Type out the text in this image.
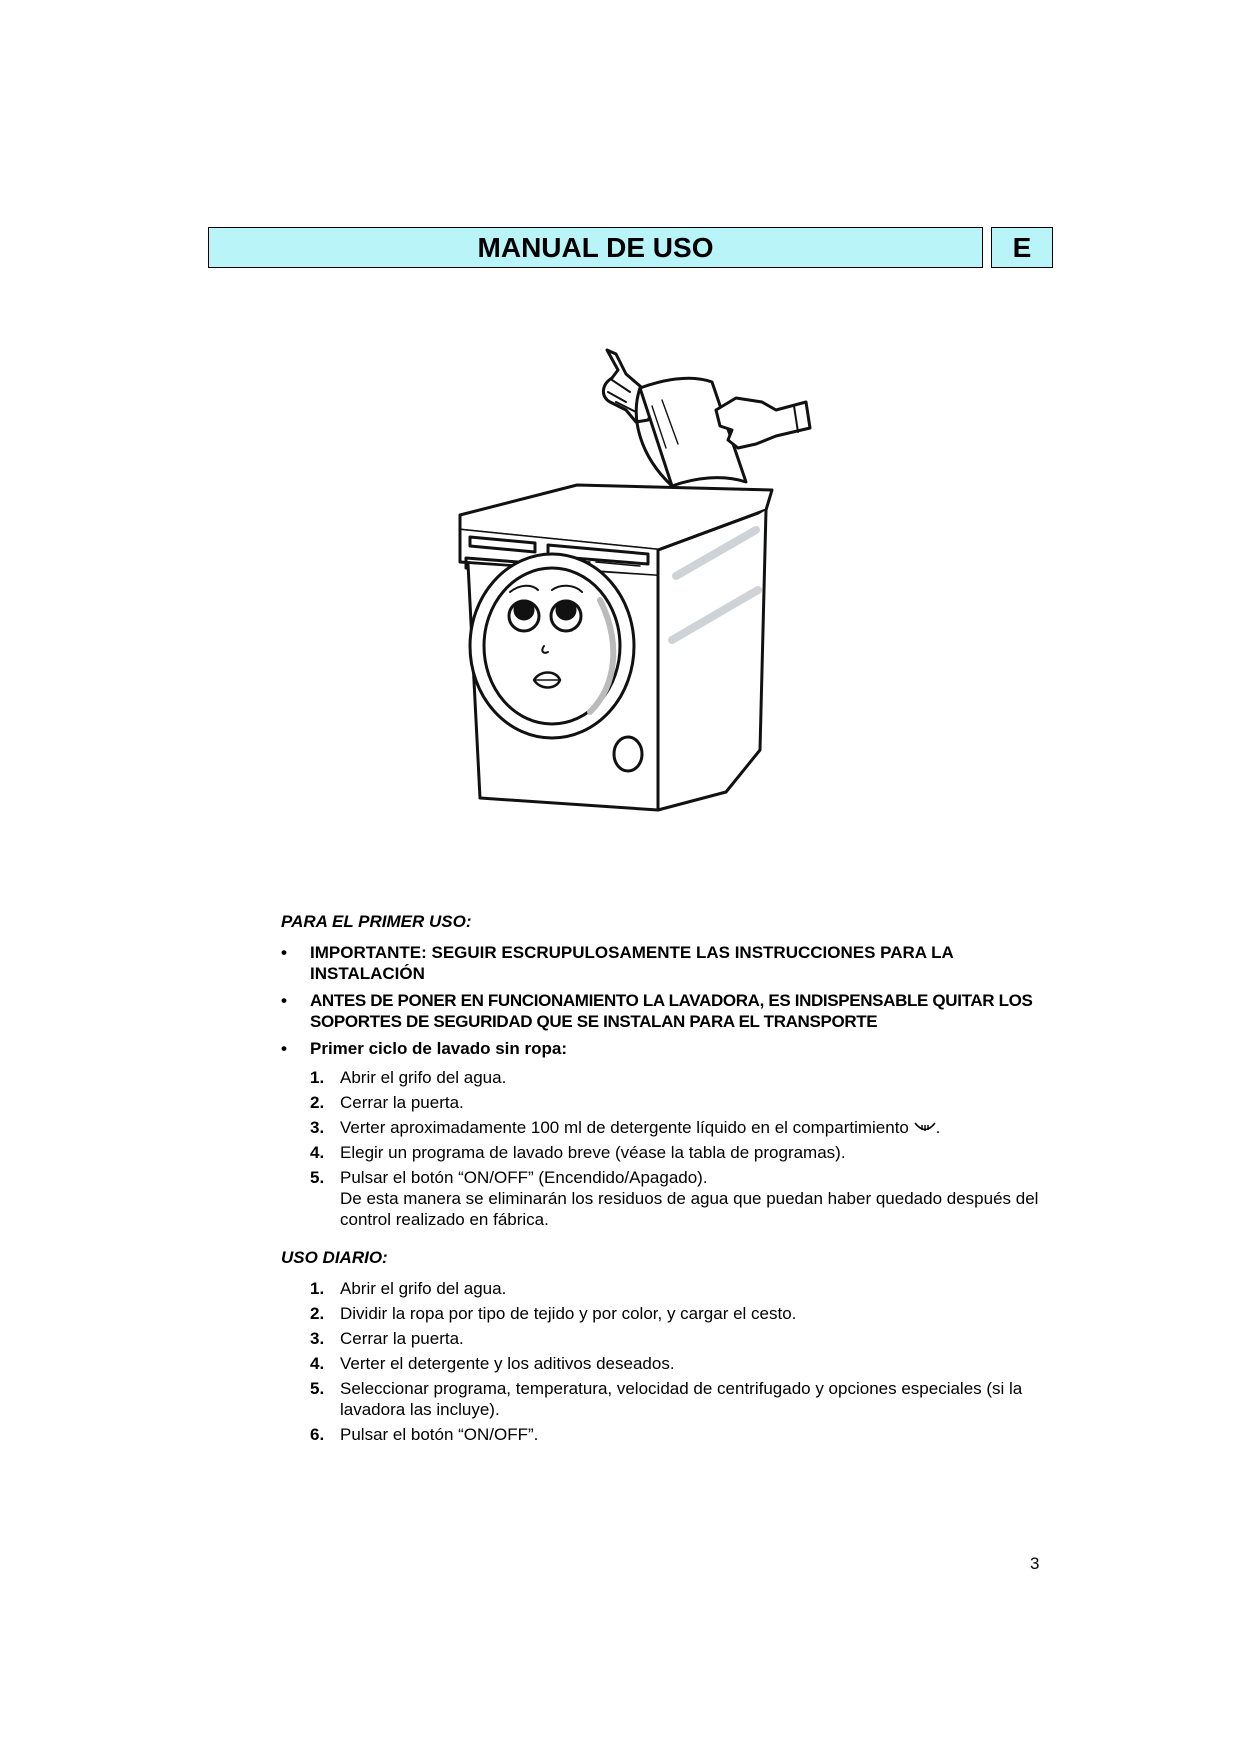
MANUAL DE USO	E
PARA EL PRIMER USO:
• IMPORTANTE: SEGUIR ESCRUPULOSAMENTE LAS INSTRUCCIONES PARA LA INSTALACIÓN
• ANTES DE PONER EN FUNCIONAMIENTO LA LAVADORA, ES INDISPENSABLE QUITAR LOS SOPORTES DE SEGURIDAD QUE SE INSTALAN PARA EL TRANSPORTE
• Primer ciclo de lavado sin ropa:
1. Abrir el grifo del agua.
2. Cerrar la puerta.
3. Verter aproximadamente 100 ml de detergente líquido en el compartimiento .
4. Elegir un programa de lavado breve (véase la tabla de programas).
5. Pulsar el botón “ON/OFF” (Encendido/Apagado).
De esta manera se eliminarán los residuos de agua que puedan haber quedado después del control realizado en fábrica.
USO DIARIO:
1. Abrir el grifo del agua.
2. Dividir la ropa por tipo de tejido y por color, y cargar el cesto.
3. Cerrar la puerta.
4. Verter el detergente y los aditivos deseados.
5. Seleccionar programa, temperatura, velocidad de centrifugado y opciones especiales (si la lavadora las incluye).
6. Pulsar el botón “ON/OFF”.
3
